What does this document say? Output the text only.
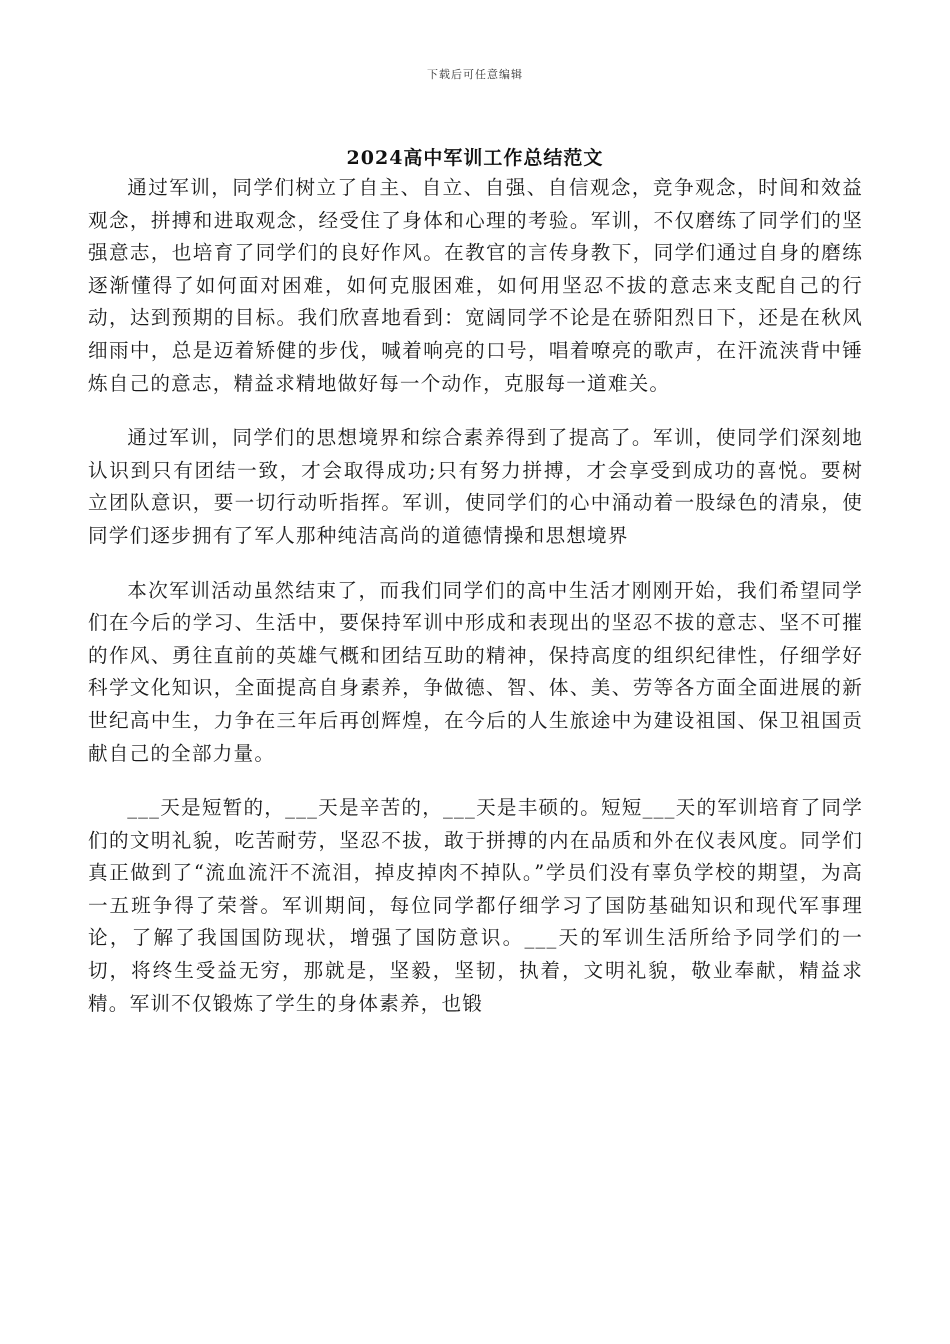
下载后可任意编辑
2024高中军训工作总结范文

通过军训，同学们树立了自主、自立、自强、自信观念，竞争观念，时间和效益观念，拼搏和进取观念，经受住了身体和心理的考验。军训，不仅磨练了同学们的坚强意志，也培育了同学们的良好作风。在教官的言传身教下，同学们通过自身的磨练逐渐懂得了如何面对困难，如何克服困难，如何用坚忍不拔的意志来支配自己的行动，达到预期的目标。我们欣喜地看到：宽阔同学不论是在骄阳烈日下，还是在秋风细雨中，总是迈着矫健的步伐，喊着响亮的口号，唱着嘹亮的歌声，在汗流浃背中锤炼自己的意志，精益求精地做好每一个动作，克服每一道难关。

通过军训，同学们的思想境界和综合素养得到了提高了。军训，使同学们深刻地认识到只有团结一致，才会取得成功;只有努力拼搏，才会享受到成功的喜悦。要树立团队意识，要一切行动听指挥。军训，使同学们的心中涌动着一股绿色的清泉，使同学们逐步拥有了军人那种纯洁高尚的道德情操和思想境界

本次军训活动虽然结束了，而我们同学们的高中生活才刚刚开始，我们希望同学们在今后的学习、生活中，要保持军训中形成和表现出的坚忍不拔的意志、坚不可摧的作风、勇往直前的英雄气概和团结互助的精神，保持高度的组织纪律性，仔细学好科学文化知识，全面提高自身素养，争做德、智、体、美、劳等各方面全面进展的新世纪高中生，力争在三年后再创辉煌，在今后的人生旅途中为建设祖国、保卫祖国贡献自己的全部力量。

___天是短暂的，___天是辛苦的，___天是丰硕的。短短___天的军训培育了同学们的文明礼貌，吃苦耐劳，坚忍不拔，敢于拼搏的内在品质和外在仪表风度。同学们真正做到了“流血流汗不流泪，掉皮掉肉不掉队。”学员们没有辜负学校的期望，为高一五班争得了荣誉。军训期间，每位同学都仔细学习了国防基础知识和现代军事理论，了解了我国国防现状，增强了国防意识。___天的军训生活所给予同学们的一切，将终生受益无穷，那就是，坚毅，坚韧，执着，文明礼貌，敬业奉献，精益求精。军训不仅锻炼了学生的身体素养，也锻
